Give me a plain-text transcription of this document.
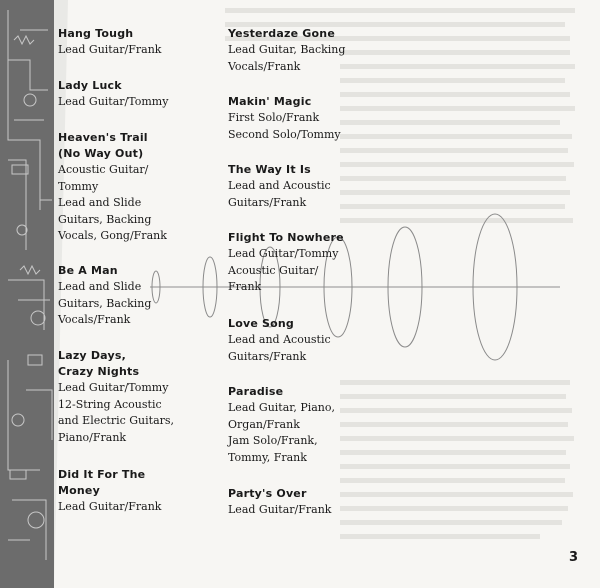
Hang Tough
Lead Guitar/Frank
Lady Luck
Lead Guitar/Tommy
Heaven's Trail
(No Way Out)
Acoustic Guitar/
Tommy
Lead and Slide
Guitars, Backing
Vocals, Gong/Frank
Be A Man
Lead and Slide
Guitars, Backing
Vocals/Frank
Lazy Days,
Crazy Nights
Lead Guitar/Tommy
12-String Acoustic
and Electric Guitars,
Piano/Frank
Did It For The
Money
Lead Guitar/Frank
Yesterdaze Gone
Lead Guitar, Backing
Vocals/Frank
Makin' Magic
First Solo/Frank
Second Solo/Tommy
The Way It Is
Lead and Acoustic
Guitars/Frank
Flight To Nowhere
Lead Guitar/Tommy
Acoustic Guitar/
Frank
Love Song
Lead and Acoustic
Guitars/Frank
Paradise
Lead Guitar, Piano,
Organ/Frank
Jam Solo/Frank,
Tommy, Frank
Party's Over
Lead Guitar/Frank
3
